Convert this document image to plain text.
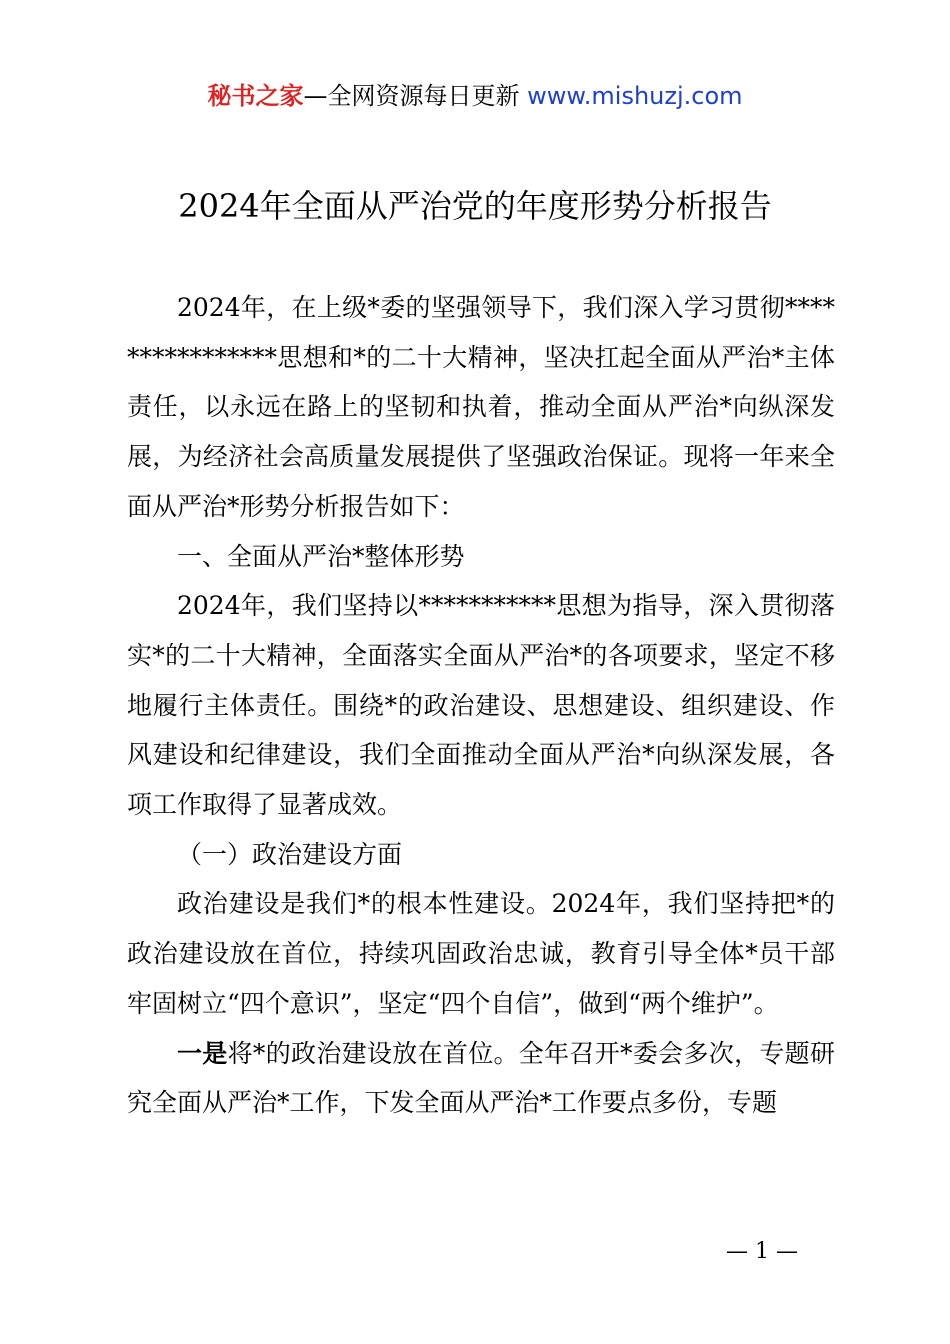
秘书之家—全网资源每日更新 www.mishuzj.com
2024年全面从严治党的年度形势分析报告

2024年，在上级*委的坚强领导下，我们深入学习贯彻****************思想和*的二十大精神，坚决扛起全面从严治*主体责任，以永远在路上的坚韧和执着，推动全面从严治*向纵深发展，为经济社会高质量发展提供了坚强政治保证。现将一年来全面从严治*形势分析报告如下：

一、全面从严治*整体形势

2024年，我们坚持以***********思想为指导，深入贯彻落实*的二十大精神，全面落实全面从严治*的各项要求，坚定不移地履行主体责任。围绕*的政治建设、思想建设、组织建设、作风建设和纪律建设，我们全面推动全面从严治*向纵深发展，各项工作取得了显著成效。

（一）政治建设方面

政治建设是我们*的根本性建设。2024年，我们坚持把*的政治建设放在首位，持续巩固政治忠诚，教育引导全体*员干部牢固树立“四个意识”，坚定“四个自信”，做到“两个维护”。

一是将*的政治建设放在首位。全年召开*委会多次，专题研究全面从严治*工作，下发全面从严治*工作要点多份，专题

— 1 —
